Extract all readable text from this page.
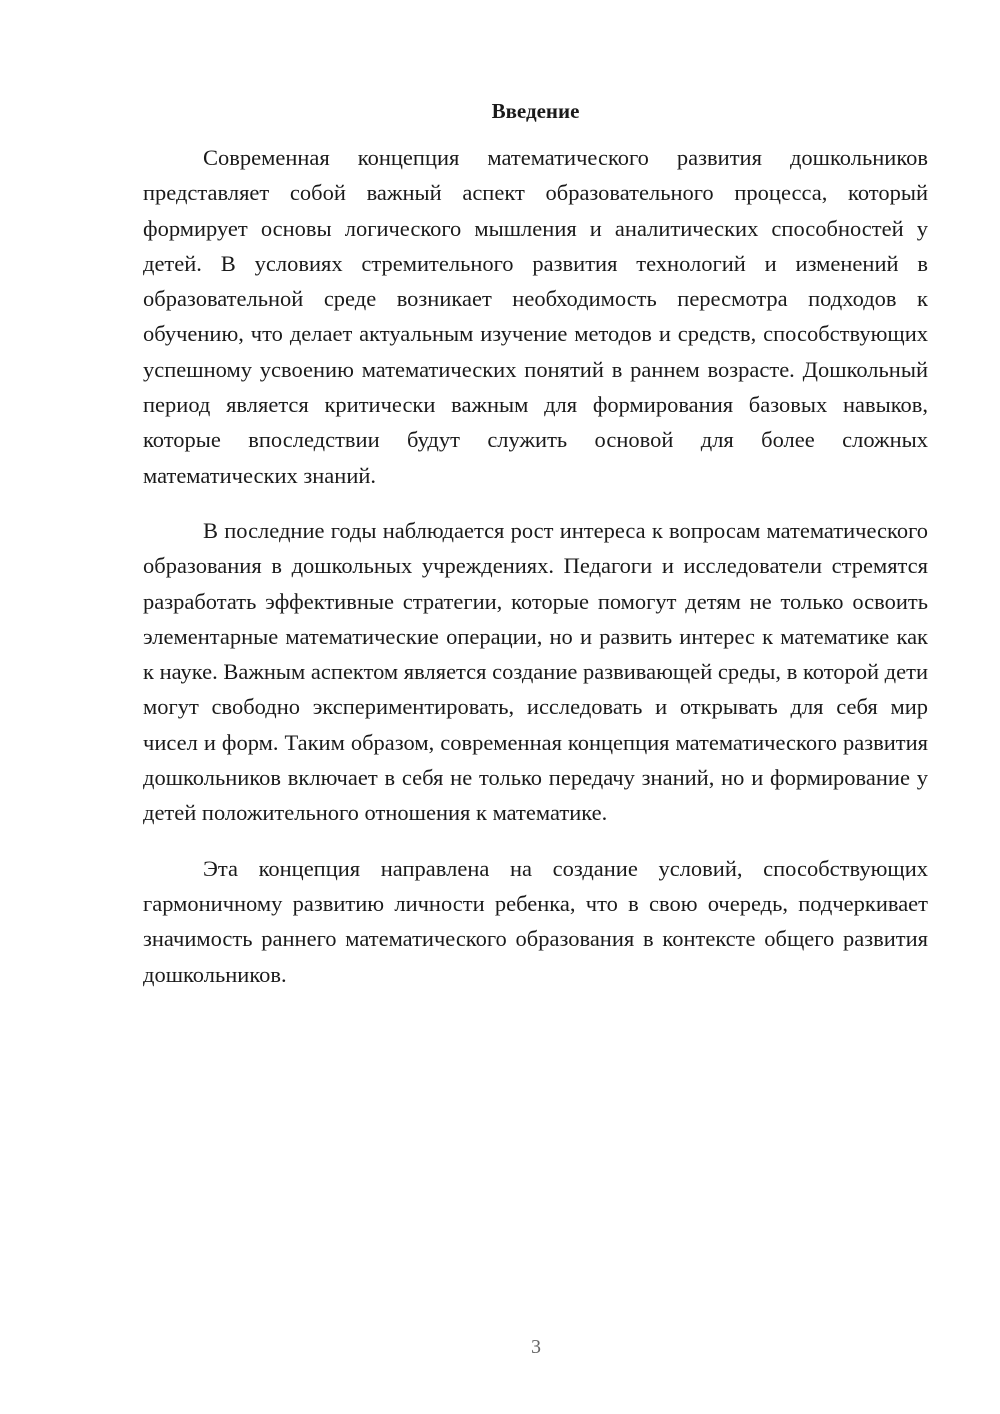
Введение

Современная концепция математического развития дошкольников представляет собой важный аспект образовательного процесса, который формирует основы логического мышления и аналитических способностей у детей. В условиях стремительного развития технологий и изменений в образовательной среде возникает необходимость пересмотра подходов к обучению, что делает актуальным изучение методов и средств, способствующих успешному усвоению математических понятий в раннем возрасте. Дошкольный период является критически важным для формирования базовых навыков, которые впоследствии будут служить основой для более сложных математических знаний.

В последние годы наблюдается рост интереса к вопросам математического образования в дошкольных учреждениях. Педагоги и исследователи стремятся разработать эффективные стратегии, которые помогут детям не только освоить элементарные математические операции, но и развить интерес к математике как к науке. Важным аспектом является создание развивающей среды, в которой дети могут свободно экспериментировать, исследовать и открывать для себя мир чисел и форм. Таким образом, современная концепция математического развития дошкольников включает в себя не только передачу знаний, но и формирование у детей положительного отношения к математике.

Эта концепция направлена на создание условий, способствующих гармоничному развитию личности ребенка, что в свою очередь, подчеркивает значимость раннего математического образования в контексте общего развития дошкольников.

3
